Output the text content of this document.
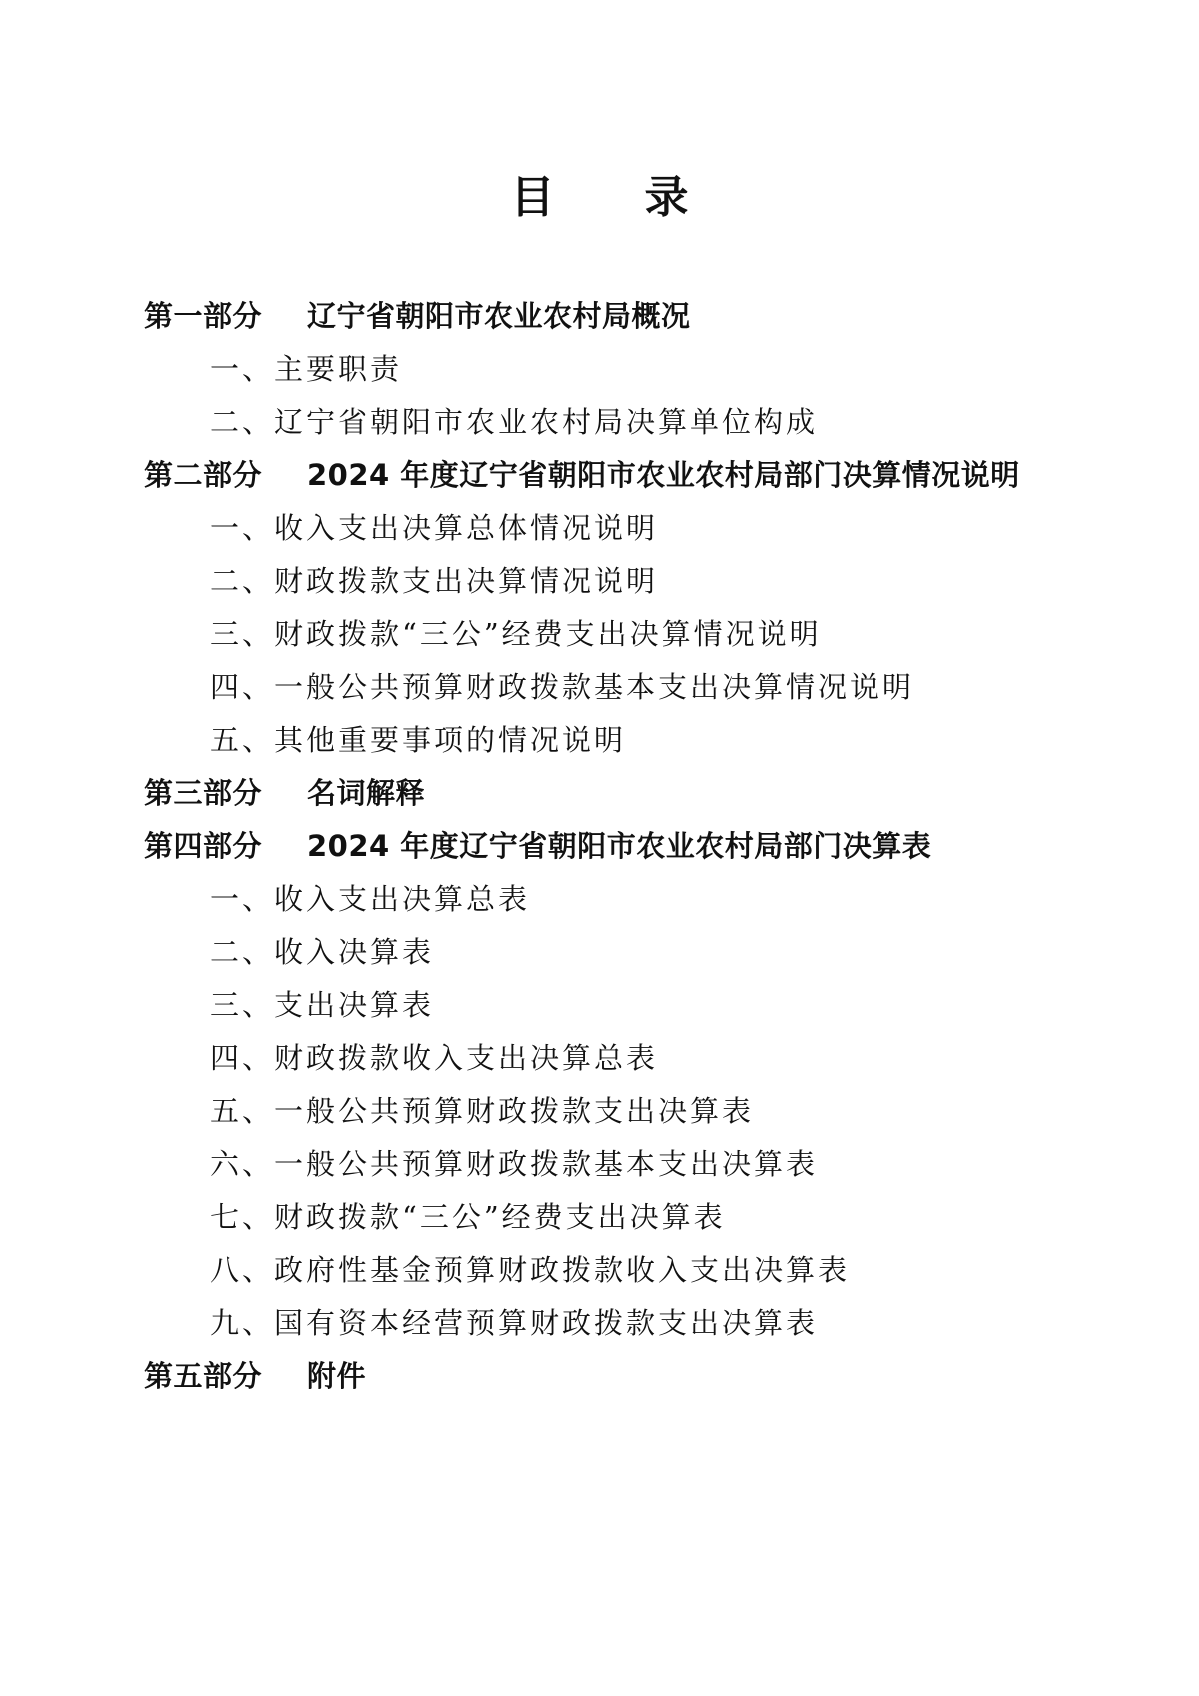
目 录
第一部分 辽宁省朝阳市农业农村局概况
一、主要职责
二、辽宁省朝阳市农业农村局决算单位构成
第二部分 2024 年度辽宁省朝阳市农业农村局部门决算情况说明
一、收入支出决算总体情况说明
二、财政拨款支出决算情况说明
三、财政拨款“三公”经费支出决算情况说明
四、一般公共预算财政拨款基本支出决算情况说明
五、其他重要事项的情况说明
第三部分 名词解释
第四部分 2024 年度辽宁省朝阳市农业农村局部门决算表
一、收入支出决算总表
二、收入决算表
三、支出决算表
四、财政拨款收入支出决算总表
五、一般公共预算财政拨款支出决算表
六、一般公共预算财政拨款基本支出决算表
七、财政拨款“三公”经费支出决算表
八、政府性基金预算财政拨款收入支出决算表
九、国有资本经营预算财政拨款支出决算表
第五部分 附件
